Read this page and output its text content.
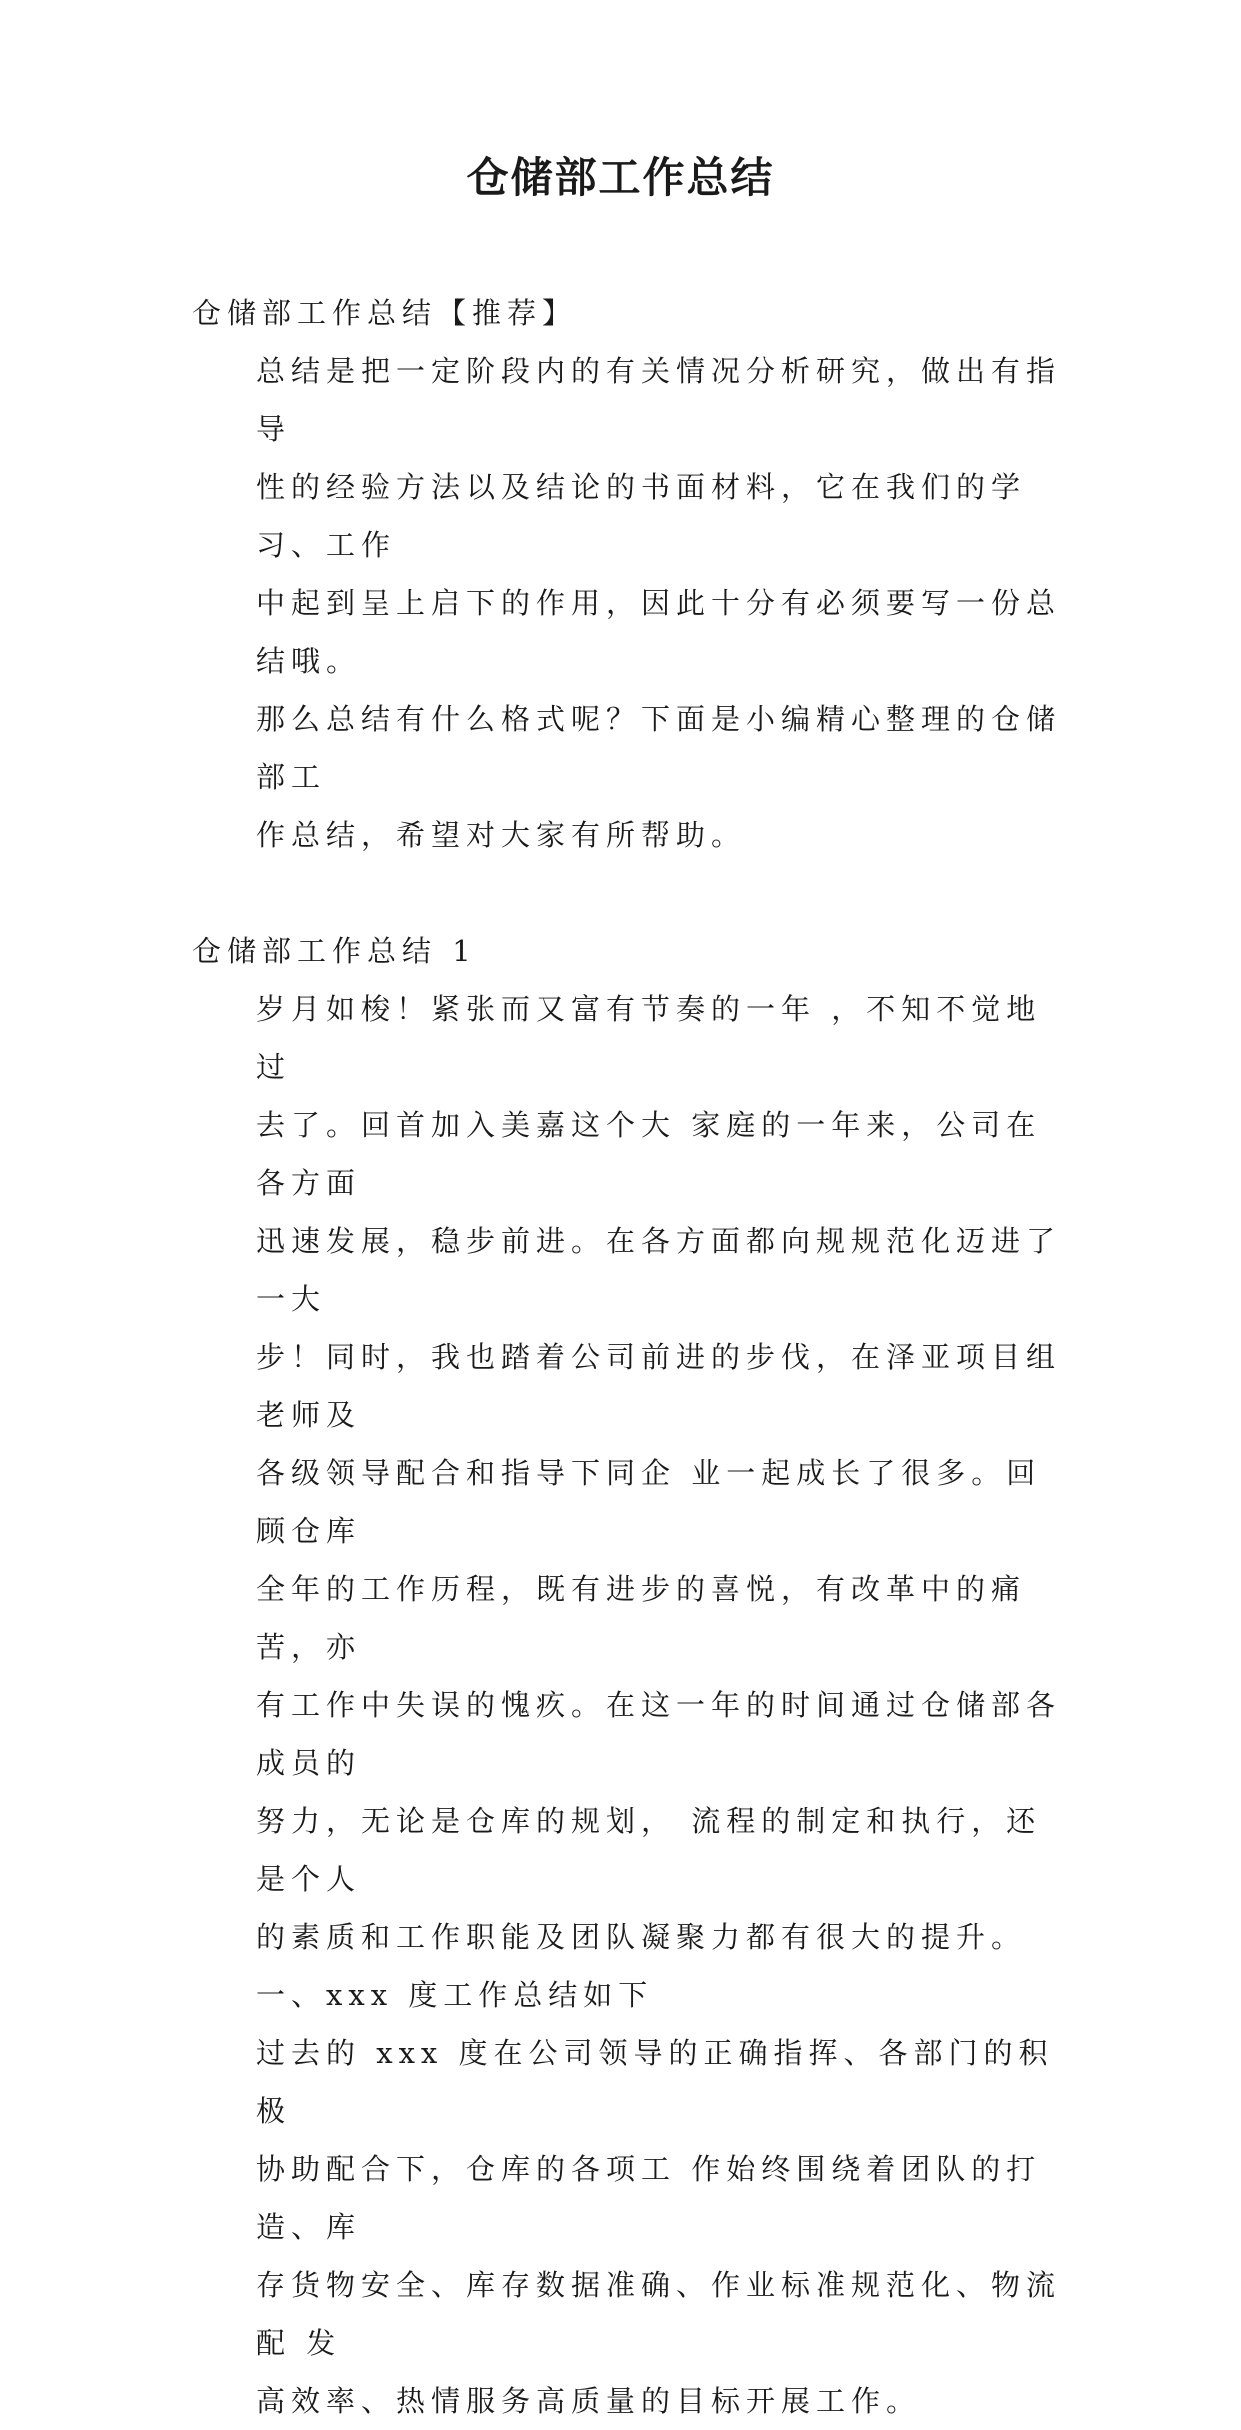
仓储部工作总结

仓储部工作总结【推荐】

总结是把一定阶段内的有关情况分析研究，做出有指导
性的经验方法以及结论的书面材料，它在我们的学习、工作
中起到呈上启下的作用，因此十分有必须要写一份总结哦。
那么总结有什么格式呢？下面是小编精心整理的仓储部工
作总结，希望对大家有所帮助。

仓储部工作总结 1

岁月如梭！紧张而又富有节奏的一年 ，不知不觉地过
去了。回首加入美嘉这个大 家庭的一年来，公司在各方面
迅速发展，稳步前进。在各方面都向规规范化迈进了一大
步！同时，我也踏着公司前进的步伐，在泽亚项目组老师及
各级领导配合和指导下同企 业一起成长了很多。回顾仓库
全年的工作历程，既有进步的喜悦，有改革中的痛苦，亦
有工作中失误的愧疚。在这一年的时间通过仓储部各成员的
努力，无论是仓库的规划， 流程的制定和执行，还是个人
的素质和工作职能及团队凝聚力都有很大的提升。

一、xxx 度工作总结如下

过去的 xxx 度在公司领导的正确指挥、各部门的积极
协助配合下，仓库的各项工 作始终围绕着团队的打造、库
存货物安全、库存数据准确、作业标准规范化、物流配 发
高效率、热情服务高质量的目标开展工作。
